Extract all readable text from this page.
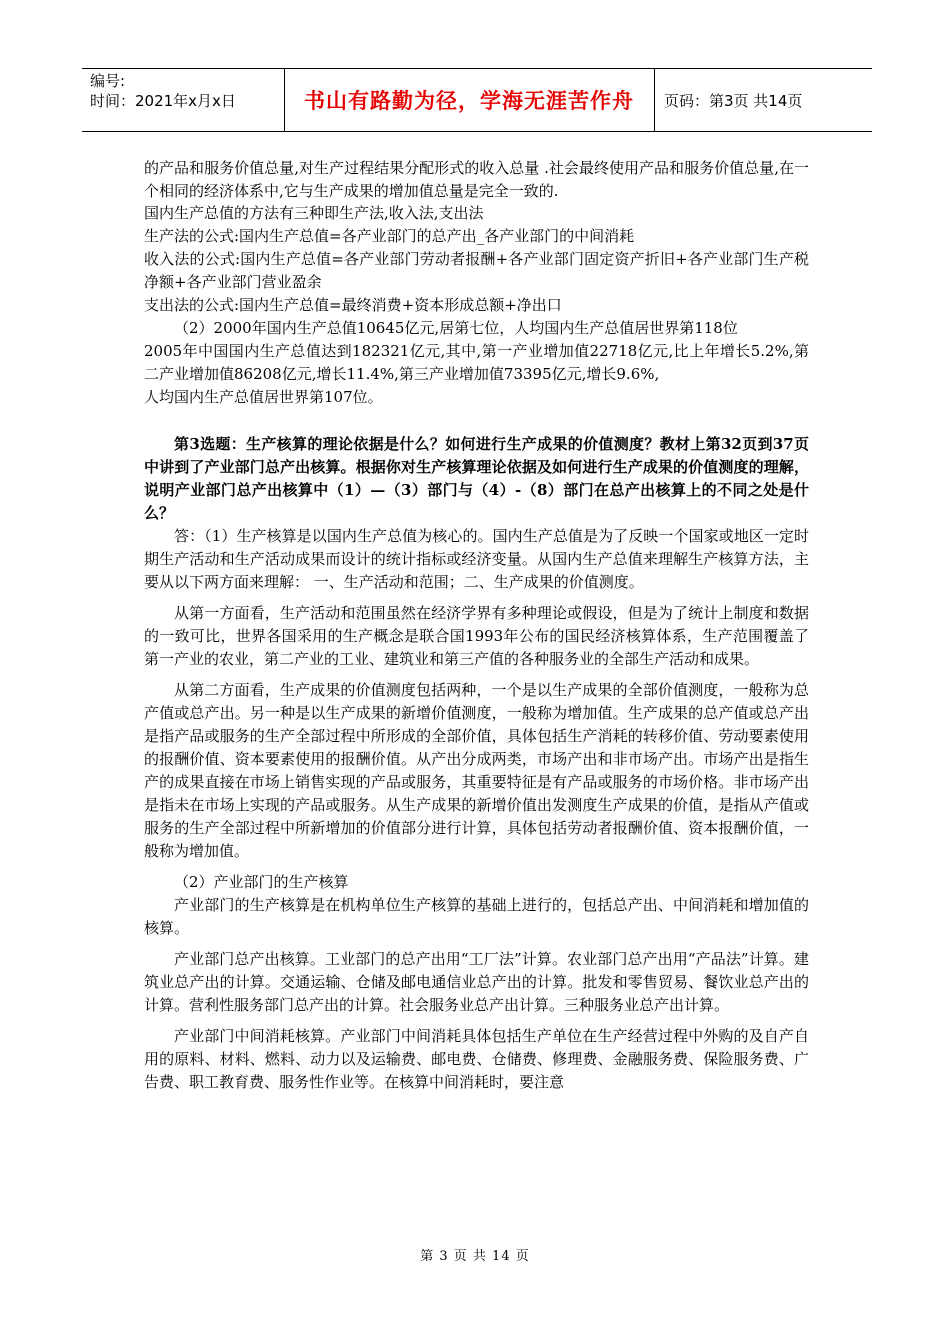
编号:
时间：2021年x月x日	书山有路勤为径，学海无涯苦作舟	页码：第3页 共14页

的产品和服务价值总量,对生产过程结果分配形式的收入总量 .社会最终使用产品和服务价值总量,在一个相同的经济体系中,它与生产成果的增加值总量是完全一致的.

国内生产总值的方法有三种即生产法,收入法,支出法

生产法的公式:国内生产总值=各产业部门的总产出_各产业部门的中间消耗

收入法的公式:国内生产总值=各产业部门劳动者报酬+各产业部门固定资产折旧+各产业部门生产税净额+各产业部门营业盈余

支出法的公式:国内生产总值=最终消费+资本形成总额+净出口

（2）2000年国内生产总值10645亿元,居第七位，人均国内生产总值居世界第118位

2005年中国国内生产总值达到182321亿元,其中,第一产业增加值22718亿元,比上年增长5.2%,第二产业增加值86208亿元,增长11.4%,第三产业增加值73395亿元,增长9.6%,

人均国内生产总值居世界第107位。

第3选题：生产核算的理论依据是什么？如何进行生产成果的价值测度？教材上第32页到37页中讲到了产业部门总产出核算。根据你对生产核算理论依据及如何进行生产成果的价值测度的理解，说明产业部门总产出核算中（1）—（3）部门与（4）-（8）部门在总产出核算上的不同之处是什么？

答：（1）生产核算是以国内生产总值为核心的。国内生产总值是为了反映一个国家或地区一定时期生产活动和生产活动成果而设计的统计指标或经济变量。从国内生产总值来理解生产核算方法，主要从以下两方面来理解： 一、生产活动和范围；二、生产成果的价值测度。

从第一方面看，生产活动和范围虽然在经济学界有多种理论或假设，但是为了统计上制度和数据的一致可比，世界各国采用的生产概念是联合国1993年公布的国民经济核算体系，生产范围覆盖了第一产业的农业，第二产业的工业、建筑业和第三产值的各种服务业的全部生产活动和成果。

从第二方面看，生产成果的价值测度包括两种，一个是以生产成果的全部价值测度，一般称为总产值或总产出。另一种是以生产成果的新增价值测度，一般称为增加值。生产成果的总产值或总产出是指产品或服务的生产全部过程中所形成的全部价值，具体包括生产消耗的转移价值、劳动要素使用的报酬价值、资本要素使用的报酬价值。从产出分成两类，市场产出和非市场产出。市场产出是指生产的成果直接在市场上销售实现的产品或服务，其重要特征是有产品或服务的市场价格。非市场产出是指未在市场上实现的产品或服务。从生产成果的新增价值出发测度生产成果的价值，是指从产值或服务的生产全部过程中所新增加的价值部分进行计算，具体包括劳动者报酬价值、资本报酬价值，一般称为增加值。

（2）产业部门的生产核算

产业部门的生产核算是在机构单位生产核算的基础上进行的，包括总产出、中间消耗和增加值的核算。

产业部门总产出核算。工业部门的总产出用“工厂法”计算。农业部门总产出用“产品法”计算。建筑业总产出的计算。交通运输、仓储及邮电通信业总产出的计算。批发和零售贸易、餐饮业总产出的计算。营利性服务部门总产出的计算。社会服务业总产出计算。三种服务业总产出计算。

产业部门中间消耗核算。产业部门中间消耗具体包括生产单位在生产经营过程中外购的及自产自用的原料、材料、燃料、动力以及运输费、邮电费、仓储费、修理费、金融服务费、保险服务费、广告费、职工教育费、服务性作业等。在核算中间消耗时，要注意

第 3 页 共 14 页
